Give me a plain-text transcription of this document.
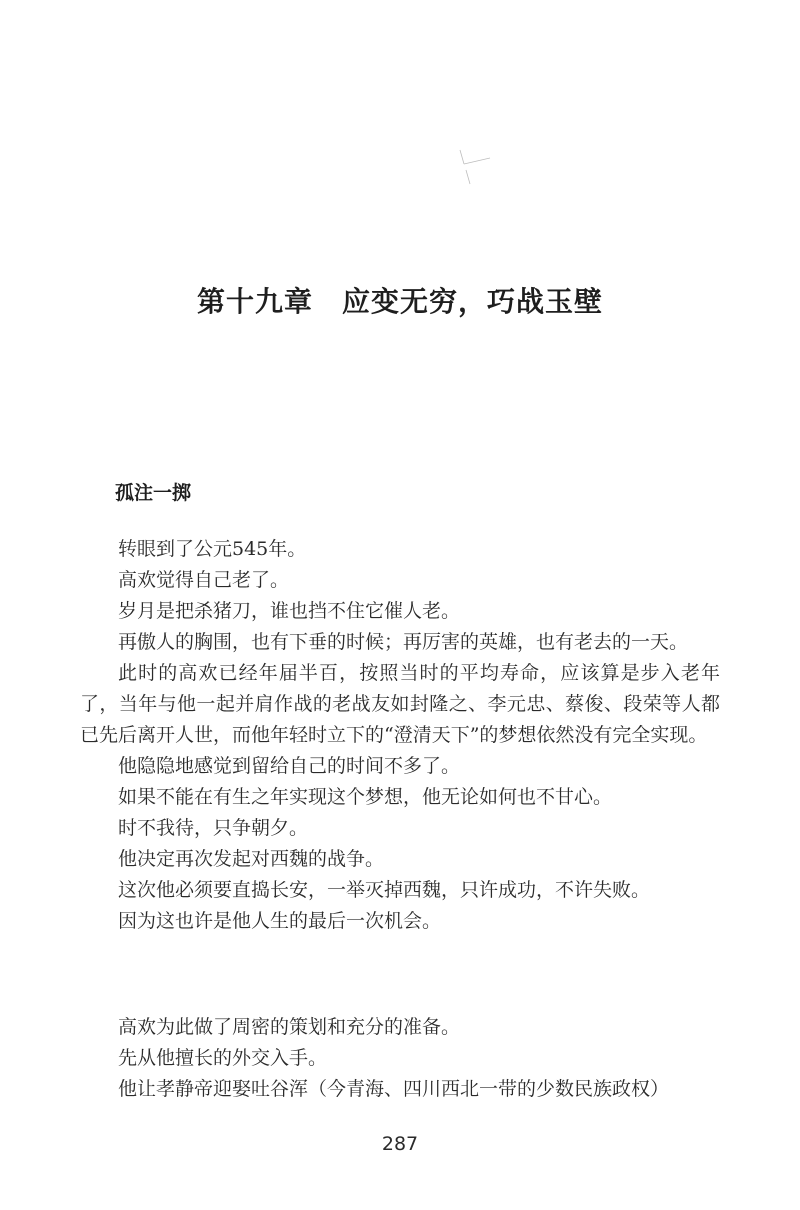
第十九章　应变无穷，巧战玉壁
孤注一掷

转眼到了公元545年。

高欢觉得自己老了。

岁月是把杀猪刀，谁也挡不住它催人老。

再傲人的胸围，也有下垂的时候；再厉害的英雄，也有老去的一天。

此时的高欢已经年届半百，按照当时的平均寿命，应该算是步入老年了，当年与他一起并肩作战的老战友如封隆之、李元忠、蔡俊、段荣等人都已先后离开人世，而他年轻时立下的“澄清天下”的梦想依然没有完全实现。

他隐隐地感觉到留给自己的时间不多了。

如果不能在有生之年实现这个梦想，他无论如何也不甘心。

时不我待，只争朝夕。

他决定再次发起对西魏的战争。

这次他必须要直捣长安，一举灭掉西魏，只许成功，不许失败。

因为这也许是他人生的最后一次机会。

高欢为此做了周密的策划和充分的准备。

先从他擅长的外交入手。

他让孝静帝迎娶吐谷浑（今青海、四川西北一带的少数民族政权）

287
